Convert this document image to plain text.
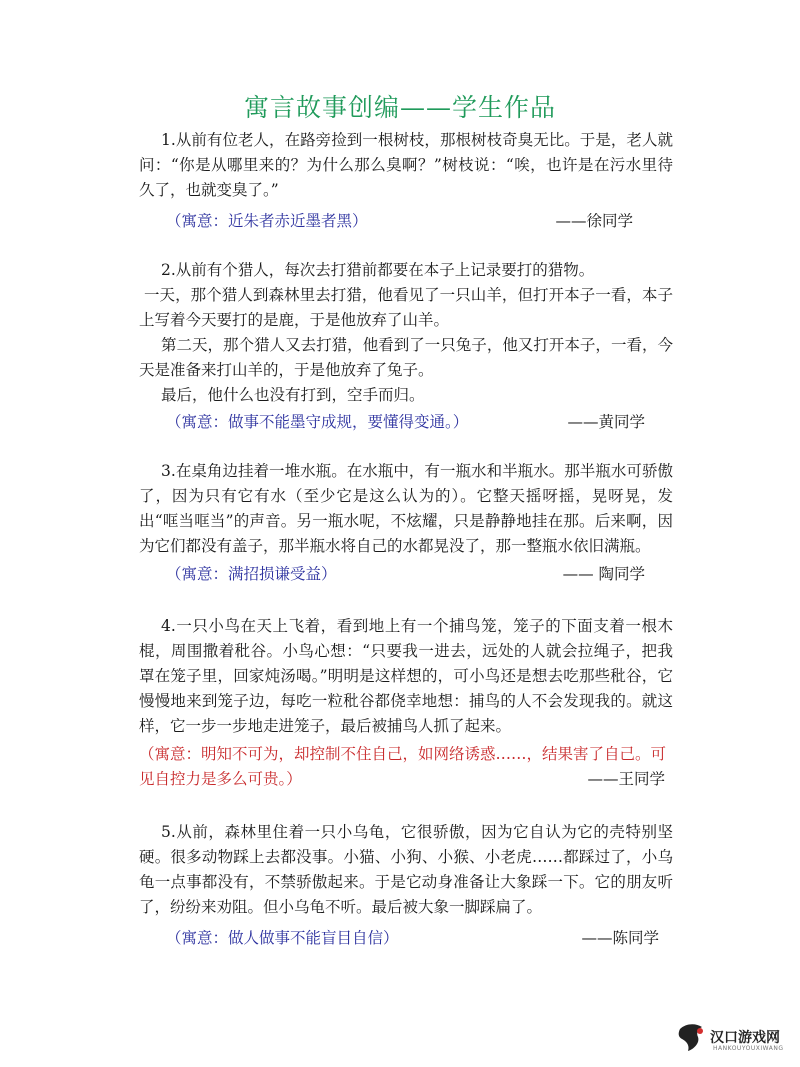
寓言故事创编——学生作品

1.从前有位老人，在路旁捡到一根树枝，那根树枝奇臭无比。于是，老人就问：“你是从哪里来的？为什么那么臭啊？”树枝说：“唉，也许是在污水里待久了，也就变臭了。”

（寓意：近朱者赤近墨者黑）	——徐同学

2.从前有个猎人，每次去打猎前都要在本子上记录要打的猎物。

一天，那个猎人到森林里去打猎，他看见了一只山羊，但打开本子一看，本子上写着今天要打的是鹿，于是他放弃了山羊。

第二天，那个猎人又去打猎，他看到了一只兔子，他又打开本子，一看，今天是准备来打山羊的，于是他放弃了兔子。

最后，他什么也没有打到，空手而归。

（寓意：做事不能墨守成规，要懂得变通。）	——黄同学

3.在桌角边挂着一堆水瓶。在水瓶中，有一瓶水和半瓶水。那半瓶水可骄傲了，因为只有它有水（至少它是这么认为的）。它整天摇呀摇，晃呀晃，发出“哐当哐当”的声音。另一瓶水呢，不炫耀，只是静静地挂在那。后来啊，因为它们都没有盖子，那半瓶水将自己的水都晃没了，那一整瓶水依旧满瓶。

（寓意：满招损谦受益）	—— 陶同学

4.一只小鸟在天上飞着，看到地上有一个捕鸟笼，笼子的下面支着一根木棍，周围撒着秕谷。小鸟心想：“只要我一进去，远处的人就会拉绳子，把我罩在笼子里，回家炖汤喝。”明明是这样想的，可小鸟还是想去吃那些秕谷，它慢慢地来到笼子边，每吃一粒秕谷都侥幸地想：捕鸟的人不会发现我的。就这样，它一步一步地走进笼子，最后被捕鸟人抓了起来。

（寓意：明知不可为，却控制不住自己，如网络诱惑……，结果害了自己。可见自控力是多么可贵。）	——王同学

5.从前，森林里住着一只小乌龟，它很骄傲，因为它自认为它的壳特别坚硬。很多动物踩上去都没事。小猫、小狗、小猴、小老虎……都踩过了，小乌龟一点事都没有，不禁骄傲起来。于是它动身准备让大象踩一下。它的朋友听了，纷纷来劝阻。但小乌龟不听。最后被大象一脚踩扁了。

（寓意：做人做事不能盲目自信）	——陈同学
汉口游戏网
HANKOUYOUXIWANG
